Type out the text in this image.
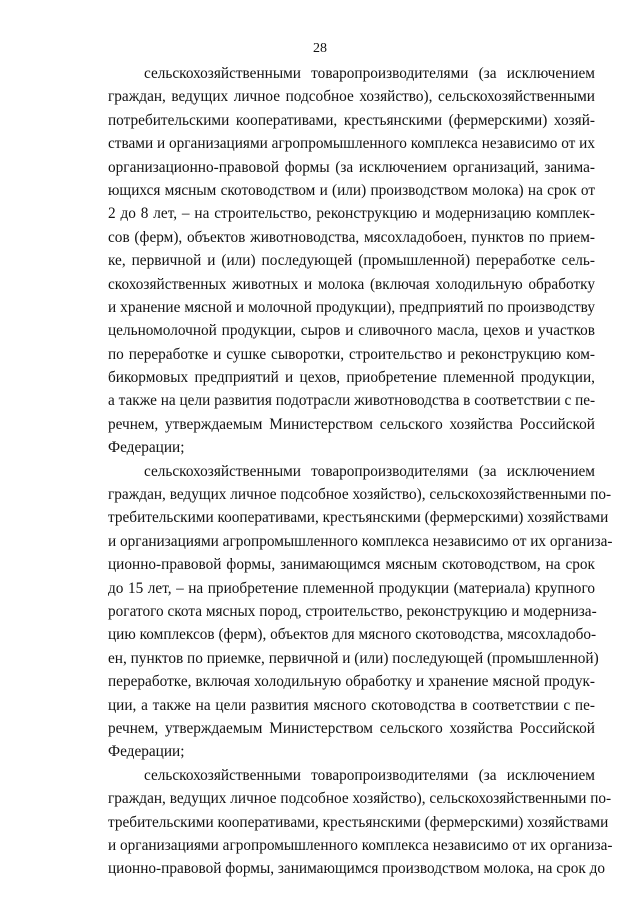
28
сельскохозяйственными товаропроизводителями (за исключением
граждан, ведущих личное подсобное хозяйство), сельскохозяйственными
потребительскими кооперативами, крестьянскими (фермерскими) хозяй-
ствами и организациями агропромышленного комплекса независимо от их
организационно-правовой формы (за исключением организаций, занима-
ющихся мясным скотоводством и (или) производством молока) на срок от
2 до 8 лет, – на строительство, реконструкцию и модернизацию комплек-
сов (ферм), объектов животноводства, мясохладобоен, пунктов по прием-
ке, первичной и (или) последующей (промышленной) переработке сель-
скохозяйственных животных и молока (включая холодильную обработку
и хранение мясной и молочной продукции), предприятий по производству
цельномолочной продукции, сыров и сливочного масла, цехов и участков
по переработке и сушке сыворотки, строительство и реконструкцию ком-
бикормовых предприятий и цехов, приобретение племенной продукции,
а также на цели развития подотрасли животноводства в соответствии с пе-
речнем, утверждаемым Министерством сельского хозяйства Российской
Федерации;
сельскохозяйственными товаропроизводителями (за исключением
граждан, ведущих личное подсобное хозяйство), сельскохозяйственными по-
требительскими кооперативами, крестьянскими (фермерскими) хозяйствами
и организациями агропромышленного комплекса независимо от их организа-
ционно-правовой формы, занимающимся мясным скотоводством, на срок
до 15 лет, – на приобретение племенной продукции (материала) крупного
рогатого скота мясных пород, строительство, реконструкцию и модерниза-
цию комплексов (ферм), объектов для мясного скотоводства, мясохладобо-
ен, пунктов по приемке, первичной и (или) последующей (промышленной)
переработке, включая холодильную обработку и хранение мясной продук-
ции, а также на цели развития мясного скотоводства в соответствии с пе-
речнем, утверждаемым Министерством сельского хозяйства Российской
Федерации;
сельскохозяйственными товаропроизводителями (за исключением
граждан, ведущих личное подсобное хозяйство), сельскохозяйственными по-
требительскими кооперативами, крестьянскими (фермерскими) хозяйствами
и организациями агропромышленного комплекса независимо от их организа-
ционно-правовой формы, занимающимся производством молока, на срок до
